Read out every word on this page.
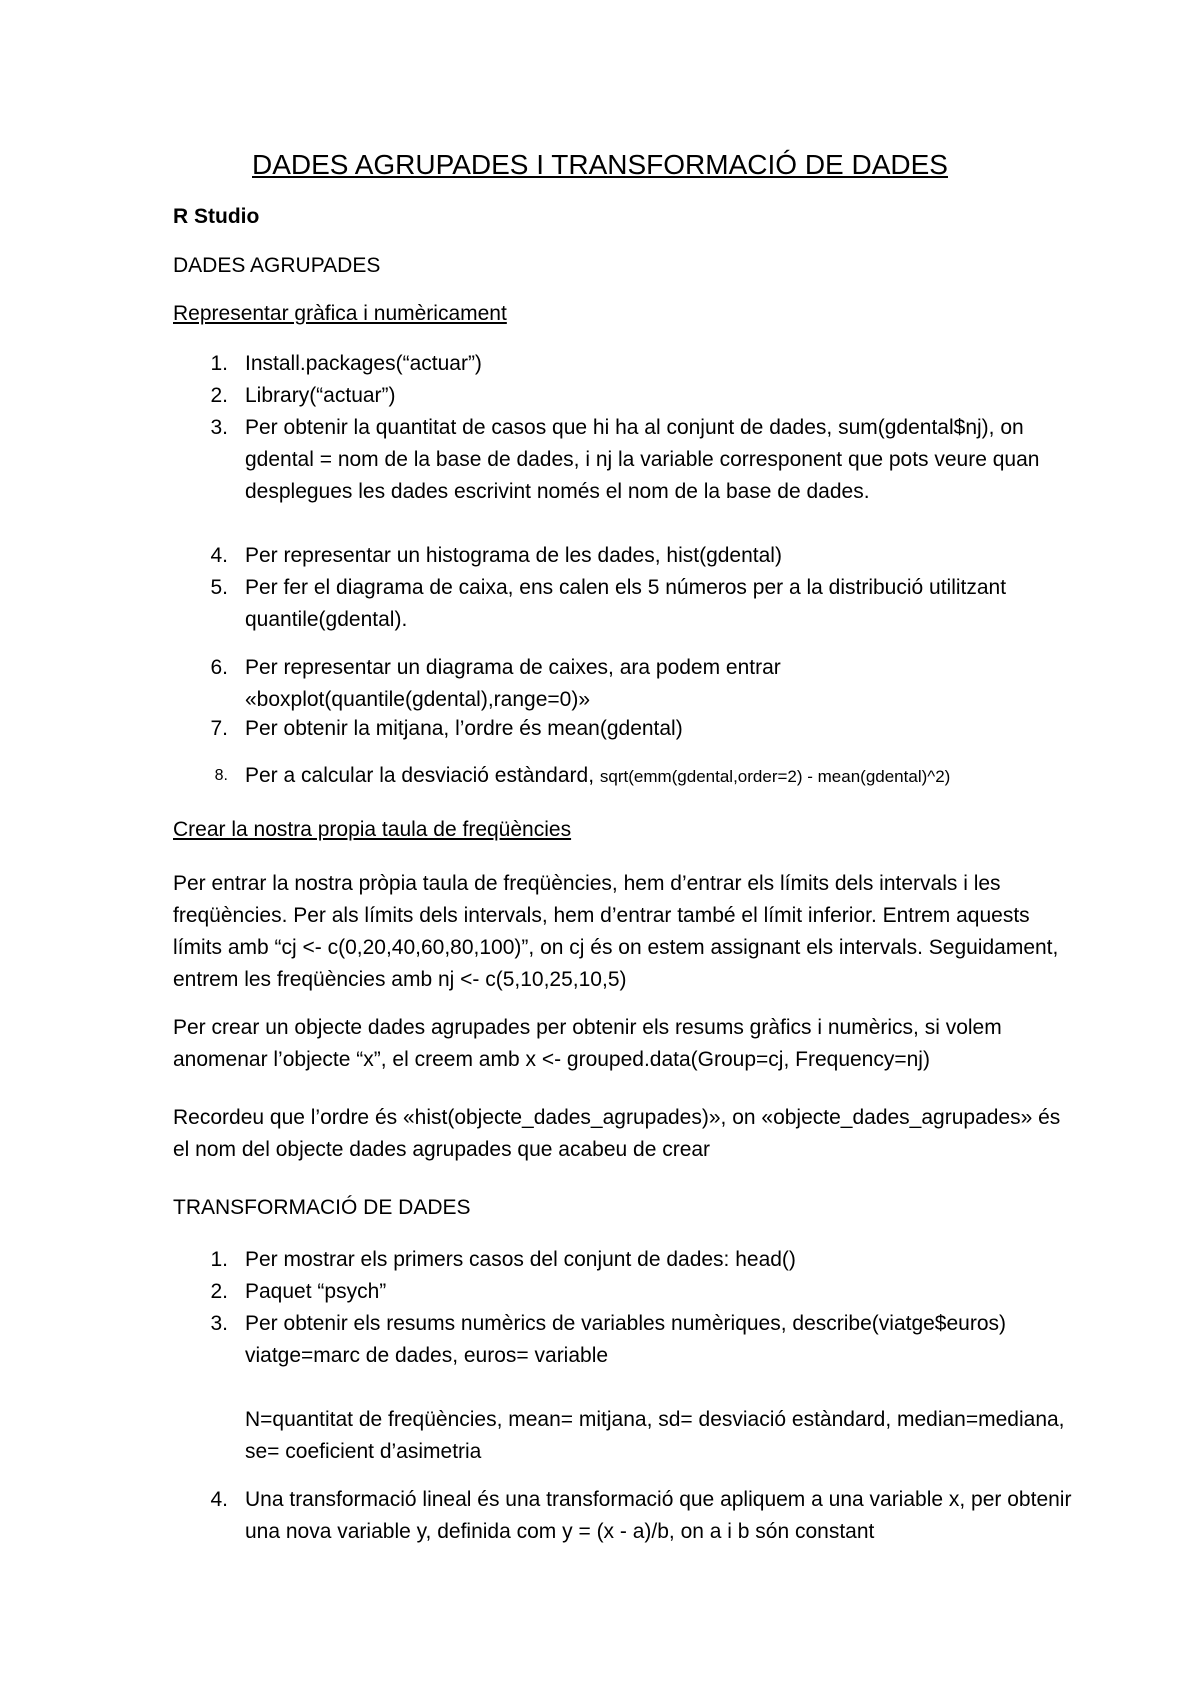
DADES AGRUPADES I TRANSFORMACIÓ DE DADES

R Studio

DADES AGRUPADES

Representar gràfica i numèricament

1. Install.packages(“actuar”)
2. Library(“actuar”)
3. Per obtenir la quantitat de casos que hi ha al conjunt de dades, sum(gdental$nj), on gdental = nom de la base de dades, i nj la variable corresponent que pots veure quan desplegues les dades escrivint només el nom de la base de dades.
4. Per representar un histograma de les dades, hist(gdental)
5. Per fer el diagrama de caixa, ens calen els 5 números per a la distribució utilitzant quantile(gdental).
6. Per representar un diagrama de caixes, ara podem entrar «boxplot(quantile(gdental),range=0)»
7. Per obtenir la mitjana, l’ordre és mean(gdental)
8. Per a calcular la desviació estàndard, sqrt(emm(gdental,order=2) - mean(gdental)^2)

Crear la nostra propia taula de freqüències

Per entrar la nostra pròpia taula de freqüències, hem d’entrar els límits dels intervals i les freqüències. Per als límits dels intervals, hem d’entrar també el límit inferior. Entrem aquests límits amb “cj <- c(0,20,40,60,80,100)”, on cj és on estem assignant els intervals. Seguidament, entrem les freqüències amb nj <- c(5,10,25,10,5)

Per crear un objecte dades agrupades per obtenir els resums gràfics i numèrics, si volem anomenar l’objecte “x”, el creem amb x <- grouped.data(Group=cj, Frequency=nj)

Recordeu que l’ordre és «hist(objecte_dades_agrupades)», on «objecte_dades_agrupades» és el nom del objecte dades agrupades que acabeu de crear

TRANSFORMACIÓ DE DADES

1. Per mostrar els primers casos del conjunt de dades: head()
2. Paquet “psych”
3. Per obtenir els resums numèrics de variables numèriques, describe(viatge$euros) viatge=marc de dades, euros= variable
N=quantitat de freqüències, mean= mitjana, sd= desviació estàndard, median=mediana, se= coeficient d’asimetria
4. Una transformació lineal és una transformació que apliquem a una variable x, per obtenir una nova variable y, definida com y = (x - a)/b, on a i b són constant
